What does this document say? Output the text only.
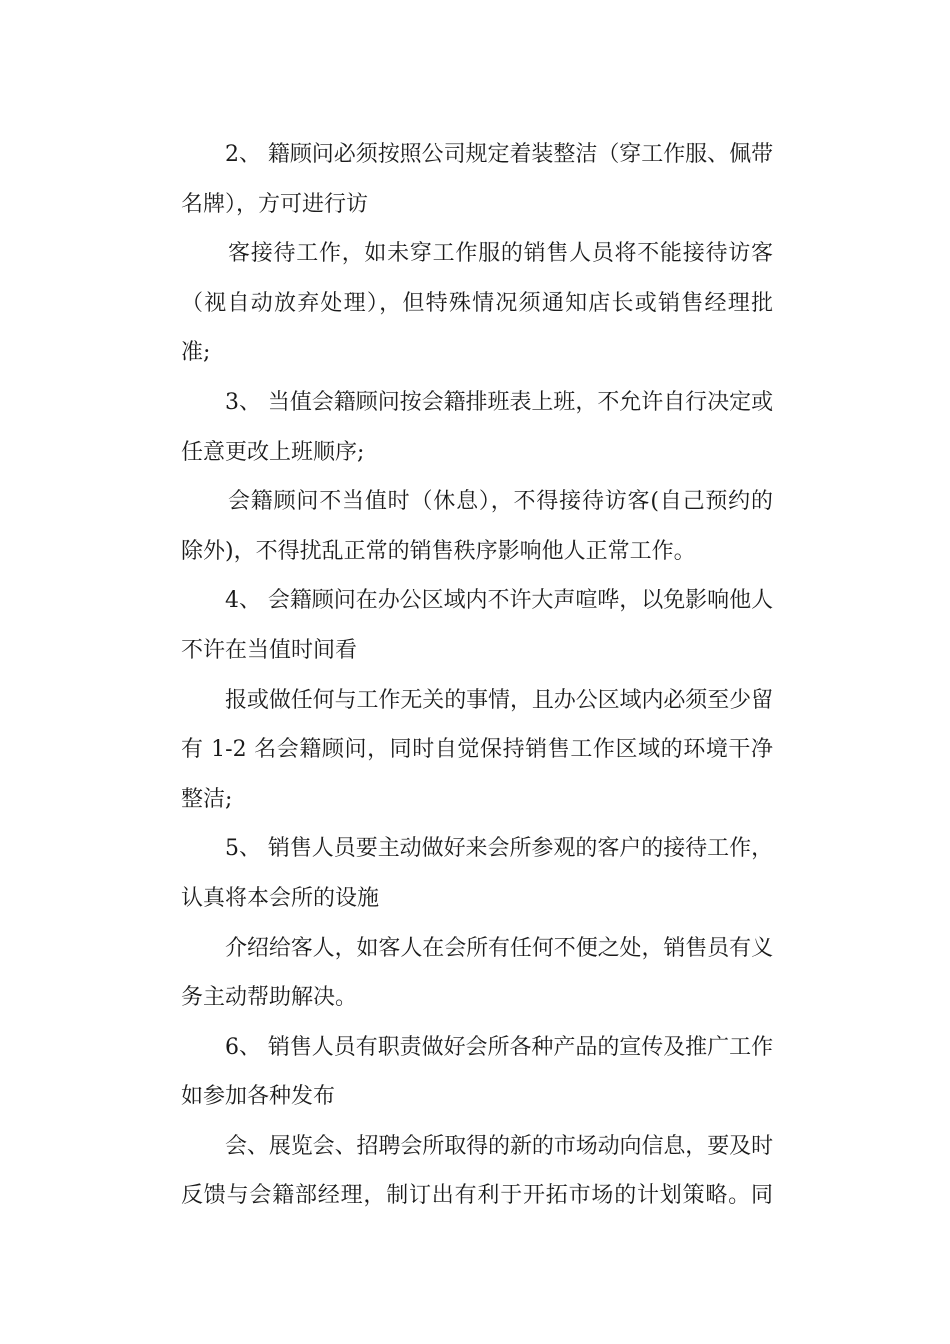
2、 籍顾问必须按照公司规定着装整洁（穿工作服、佩带
名牌），方可进行访
客接待工作，如未穿工作服的销售人员将不能接待访客
（视自动放弃处理），但特殊情况须通知店长或销售经理批
准;
3、 当值会籍顾问按会籍排班表上班，不允许自行决定或
任意更改上班顺序;
会籍顾问不当值时（休息），不得接待访客(自己预约的
除外)，不得扰乱正常的销售秩序影响他人正常工作。
4、 会籍顾问在办公区域内不许大声喧哗，以免影响他人
不许在当值时间看
报或做任何与工作无关的事情，且办公区域内必须至少留
有 1-2 名会籍顾问，同时自觉保持销售工作区域的环境干净
整洁;
5、 销售人员要主动做好来会所参观的客户的接待工作，
认真将本会所的设施
介绍给客人，如客人在会所有任何不便之处，销售员有义
务主动帮助解决。
6、 销售人员有职责做好会所各种产品的宣传及推广工作
如参加各种发布
会、展览会、招聘会所取得的新的市场动向信息，要及时
反馈与会籍部经理，制订出有利于开拓市场的计划策略。同
